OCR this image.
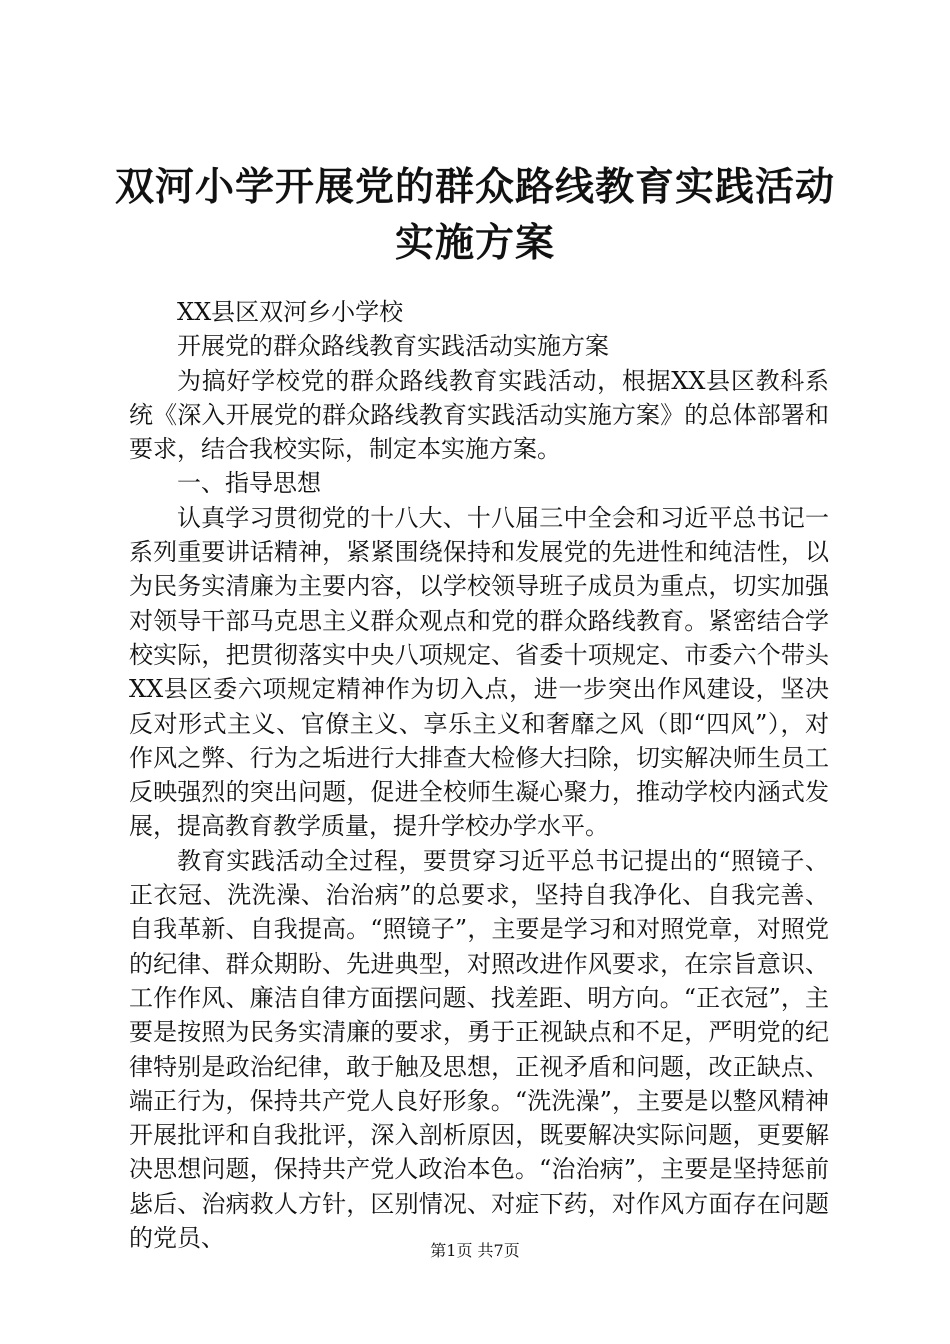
双河小学开展党的群众路线教育实践活动实施方案

XX县区双河乡小学校

开展党的群众路线教育实践活动实施方案

为搞好学校党的群众路线教育实践活动，根据XX县区教科系统《深入开展党的群众路线教育实践活动实施方案》的总体部署和要求，结合我校实际，制定本实施方案。

一、指导思想

认真学习贯彻党的十八大、十八届三中全会和习近平总书记一系列重要讲话精神，紧紧围绕保持和发展党的先进性和纯洁性，以为民务实清廉为主要内容，以学校领导班子成员为重点，切实加强对领导干部马克思主义群众观点和党的群众路线教育。紧密结合学校实际，把贯彻落实中央八项规定、省委十项规定、市委六个带头XX县区委六项规定精神作为切入点，进一步突出作风建设，坚决反对形式主义、官僚主义、享乐主义和奢靡之风（即“四风”），对作风之弊、行为之垢进行大排查大检修大扫除，切实解决师生员工反映强烈的突出问题，促进全校师生凝心聚力，推动学校内涵式发展，提高教育教学质量，提升学校办学水平。

教育实践活动全过程，要贯穿习近平总书记提出的“照镜子、正衣冠、洗洗澡、治治病”的总要求，坚持自我净化、自我完善、自我革新、自我提高。“照镜子”，主要是学习和对照党章，对照党的纪律、群众期盼、先进典型，对照改进作风要求，在宗旨意识、工作作风、廉洁自律方面摆问题、找差距、明方向。“正衣冠”，主要是按照为民务实清廉的要求，勇于正视缺点和不足，严明党的纪律特别是政治纪律，敢于触及思想，正视矛盾和问题，改正缺点、端正行为，保持共产党人良好形象。“洗洗澡”，主要是以整风精神开展批评和自我批评，深入剖析原因，既要解决实际问题，更要解决思想问题，保持共产党人政治本色。“治治病”，主要是坚持惩前毖后、治病救人方针，区别情况、对症下药，对作风方面存在问题的党员、	第1页 共7页
